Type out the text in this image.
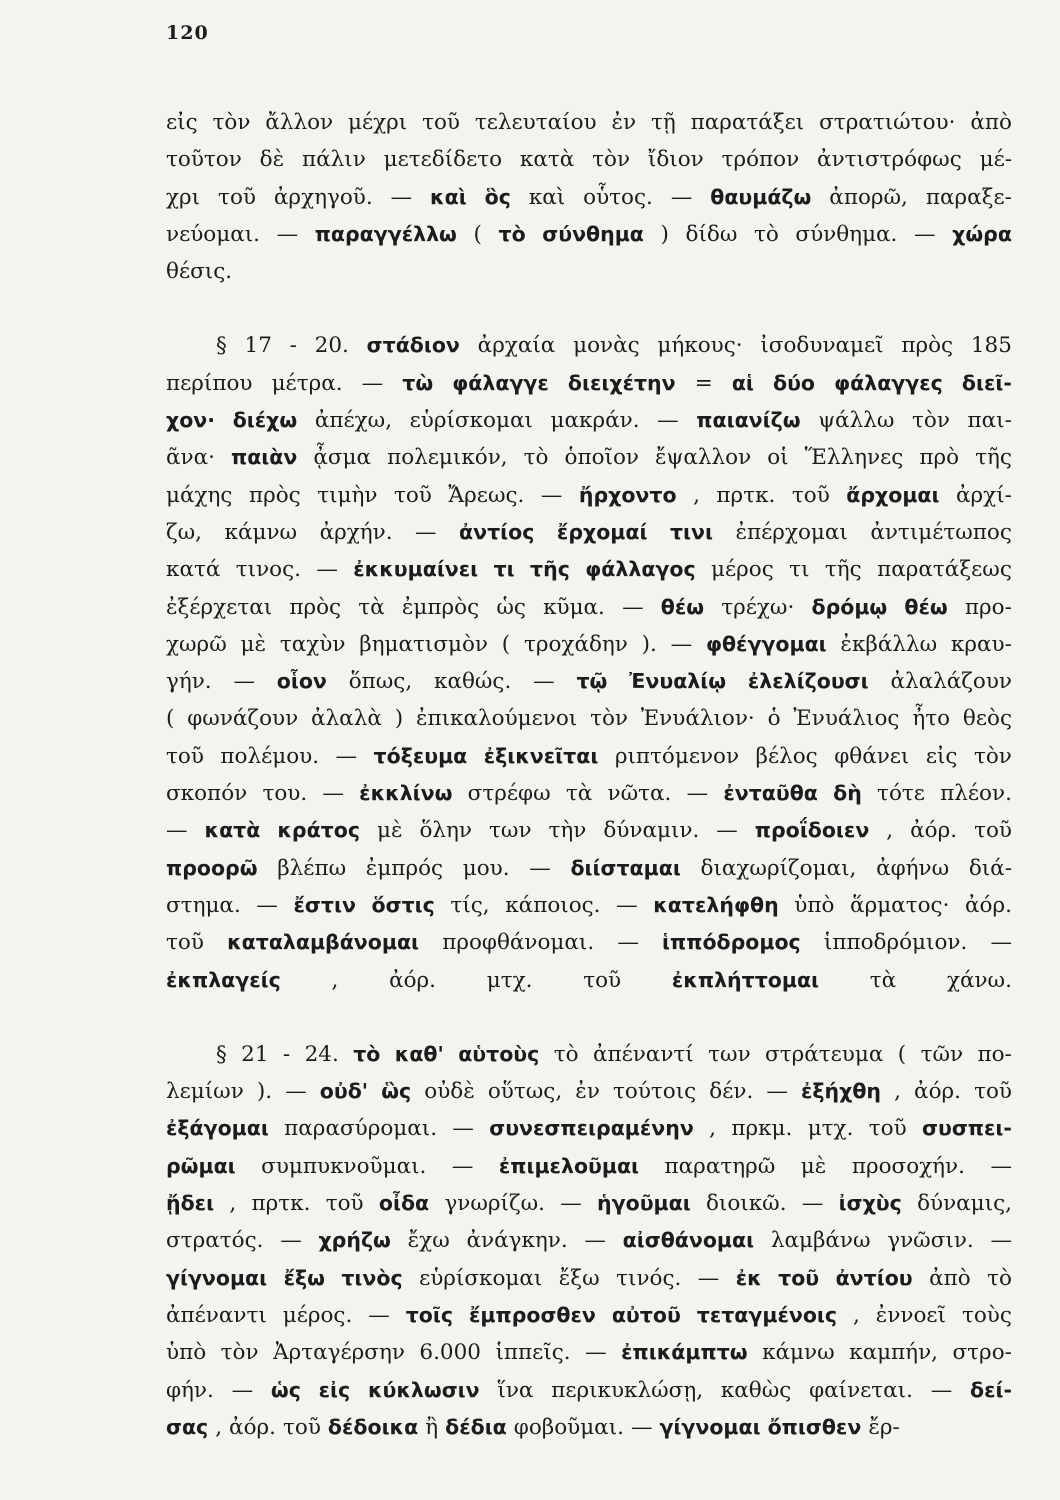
120
εἰς τὸν ἄλλον μέχρι τοῦ τελευταίου ἐν τῇ παρατάξει στρατιώτου· ἀπὸ
τοῦτον δὲ πάλιν μετεδίδετο κατὰ τὸν ἴδιον τρόπον ἀντιστρόφως μέ-
χρι τοῦ ἀρχηγοῦ. — καὶ ὃς καὶ οὗτος. — θαυμάζω ἀπορῶ, παραξε-
νεύομαι. — παραγγέλλω ( τὸ σύνθημα ) δίδω τὸ σύνθημα. — χώρα
θέσις.
§ 17 - 20. στάδιον ἀρχαία μονὰς μήκους· ἰσοδυναμεῖ πρὸς 185
περίπου μέτρα. — τὼ φάλαγγε διειχέτην = αἱ δύο φάλαγγες διεῖ-
χον· διέχω ἀπέχω, εὑρίσκομαι μακράν. — παιανίζω ψάλλω τὸν παι-
ᾶνα· παιὰν ᾆσμα πολεμικόν, τὸ ὁποῖον ἔψαλλον οἱ Ἕλληνες πρὸ τῆς
μάχης πρὸς τιμὴν τοῦ Ἄρεως. — ἤρχοντο , πρτκ. τοῦ ἄρχομαι ἀρχί-
ζω, κάμνω ἀρχήν. — ἀντίος ἔρχομαί τινι ἐπέρχομαι ἀντιμέτωπος
κατά τινος. — ἐκκυμαίνει τι τῆς φάλλαγος μέρος τι τῆς παρατάξεως
ἐξέρχεται πρὸς τὰ ἐμπρὸς ὡς κῦμα. — θέω τρέχω· δρόμῳ θέω προ-
χωρῶ μὲ ταχὺν βηματισμὸν ( τροχάδην ). — φθέγγομαι ἐκβάλλω κραυ-
γήν. — οἷον ὅπως, καθώς. — τῷ Ἐνυαλίῳ ἐλελίζουσι ἀλαλάζουν
( φωνάζουν ἀλαλὰ ) ἐπικαλούμενοι τὸν Ἐνυάλιον· ὁ Ἐνυάλιος ἦτο θεὸς
τοῦ πολέμου. — τόξευμα ἐξικνεῖται ριπτόμενον βέλος φθάνει εἰς τὸν
σκοπόν του. — ἐκκλίνω στρέφω τὰ νῶτα. — ἐνταῦθα δὴ τότε πλέον.
— κατὰ κράτος μὲ ὅλην των τὴν δύναμιν. — προΐδοιεν , ἀόρ. τοῦ
προορῶ βλέπω ἐμπρός μου. — διίσταμαι διαχωρίζομαι, ἀφήνω διά-
στημα. — ἔστιν ὅστις τίς, κάποιος. — κατελήφθη ὑπὸ ἅρματος· ἀόρ.
τοῦ καταλαμβάνομαι προφθάνομαι. — ἱππόδρομος ἱπποδρόμιον. —
ἐκπλαγείς , ἀόρ. μτχ. τοῦ ἐκπλήττομαι τὰ χάνω.
§ 21 - 24. τὸ καθ' αὑτοὺς τὸ ἀπέναντί των στράτευμα ( τῶν πο-
λεμίων ). — οὐδ' ὣς οὐδὲ οὕτως, ἐν τούτοις δέν. — ἐξήχθη , ἀόρ. τοῦ
ἐξάγομαι παρασύρομαι. — συνεσπειραμένην , πρκμ. μτχ. τοῦ συσπει-
ρῶμαι συμπυκνοῦμαι. — ἐπιμελοῦμαι παρατηρῶ μὲ προσοχήν. —
ᾔδει , πρτκ. τοῦ οἶδα γνωρίζω. — ἡγοῦμαι διοικῶ. — ἰσχὺς δύναμις,
στρατός. — χρήζω ἔχω ἀνάγκην. — αἰσθάνομαι λαμβάνω γνῶσιν. —
γίγνομαι ἔξω τινὸς εὑρίσκομαι ἔξω τινός. — ἐκ τοῦ ἀντίου ἀπὸ τὸ
ἀπέναντι μέρος. — τοῖς ἔμπροσθεν αὐτοῦ τεταγμένοις , ἐννοεῖ τοὺς
ὑπὸ τὸν Ἀρταγέρσην 6.000 ἱππεῖς. — ἐπικάμπτω κάμνω καμπήν, στρο-
φήν. — ὡς εἰς κύκλωσιν ἵνα περικυκλώσῃ, καθὼς φαίνεται. — δεί-
σας , ἀόρ. τοῦ δέδοικα ἢ δέδια φοβοῦμαι. — γίγνομαι ὄπισθεν ἔρ-
